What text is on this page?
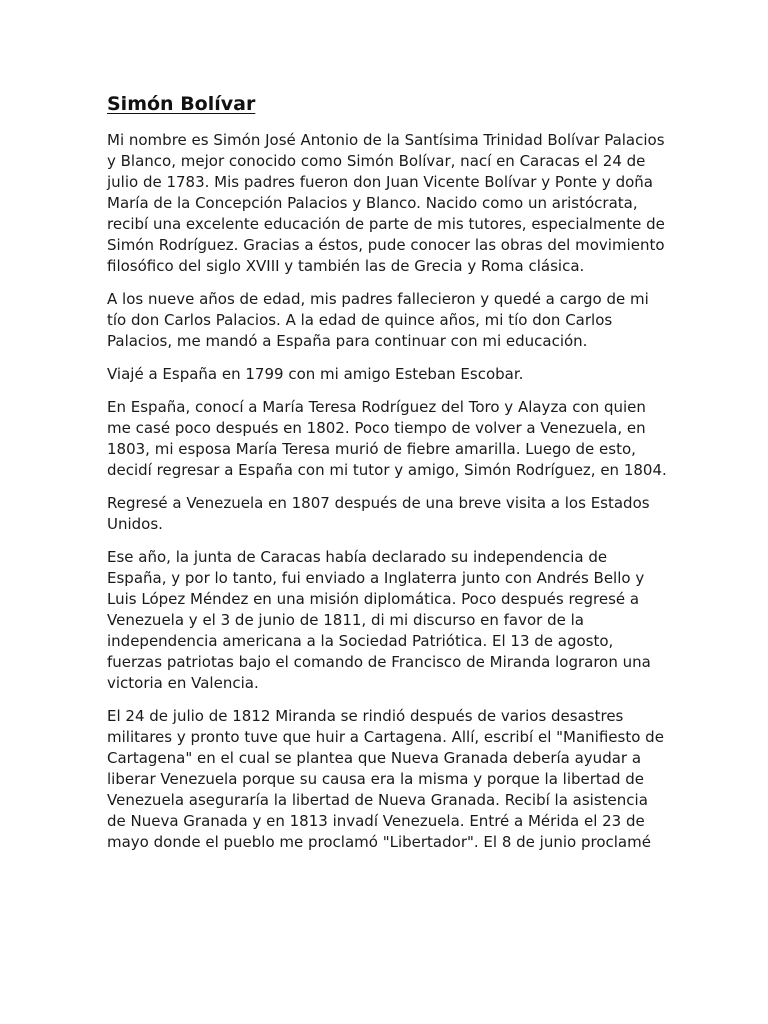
Simón Bolívar

Mi nombre es Simón José Antonio de la Santísima Trinidad Bolívar Palacios y Blanco, mejor conocido como Simón Bolívar, nací en Caracas el 24 de julio de 1783. Mis padres fueron don Juan Vicente Bolívar y Ponte y doña María de la Concepción Palacios y Blanco. Nacido como un aristócrata, recibí una excelente educación de parte de mis tutores, especialmente de Simón Rodríguez. Gracias a éstos, pude conocer las obras del movimiento filosófico del siglo XVIII y también las de Grecia y Roma clásica.

A los nueve años de edad, mis padres fallecieron y quedé a cargo de mi tío don Carlos Palacios. A la edad de quince años, mi tío don Carlos Palacios, me mandó a España para continuar con mi educación.

Viajé a España en 1799 con mi amigo Esteban Escobar.

En España, conocí a María Teresa Rodríguez del Toro y Alayza con quien me casé poco después en 1802. Poco tiempo de volver a Venezuela, en 1803, mi esposa María Teresa murió de fiebre amarilla. Luego de esto, decidí regresar a España con mi tutor y amigo, Simón Rodríguez, en 1804.

Regresé a Venezuela en 1807 después de una breve visita a los Estados Unidos.

Ese año, la junta de Caracas había declarado su independencia de España, y por lo tanto, fui enviado a Inglaterra junto con Andrés Bello y Luis López Méndez en una misión diplomática. Poco después regresé a Venezuela y el 3 de junio de 1811, di mi discurso en favor de la independencia americana a la Sociedad Patriótica. El 13 de agosto, fuerzas patriotas bajo el comando de Francisco de Miranda lograron una victoria en Valencia.

El 24 de julio de 1812 Miranda se rindió después de varios desastres militares y pronto tuve que huir a Cartagena. Allí, escribí el "Manifiesto de Cartagena" en el cual se plantea que Nueva Granada debería ayudar a liberar Venezuela porque su causa era la misma y porque la libertad de Venezuela aseguraría la libertad de Nueva Granada. Recibí la asistencia de Nueva Granada y en 1813 invadí Venezuela. Entré a Mérida el 23 de mayo donde el pueblo me proclamó "Libertador". El 8 de junio proclamé
